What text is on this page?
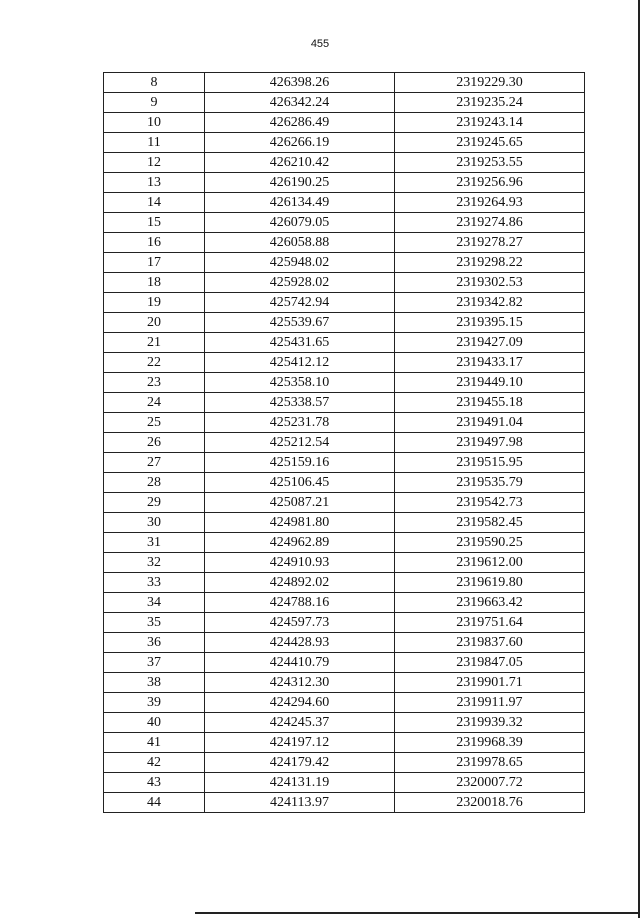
455
8	426398.26	2319229.30
9	426342.24	2319235.24
10	426286.49	2319243.14
11	426266.19	2319245.65
12	426210.42	2319253.55
13	426190.25	2319256.96
14	426134.49	2319264.93
15	426079.05	2319274.86
16	426058.88	2319278.27
17	425948.02	2319298.22
18	425928.02	2319302.53
19	425742.94	2319342.82
20	425539.67	2319395.15
21	425431.65	2319427.09
22	425412.12	2319433.17
23	425358.10	2319449.10
24	425338.57	2319455.18
25	425231.78	2319491.04
26	425212.54	2319497.98
27	425159.16	2319515.95
28	425106.45	2319535.79
29	425087.21	2319542.73
30	424981.80	2319582.45
31	424962.89	2319590.25
32	424910.93	2319612.00
33	424892.02	2319619.80
34	424788.16	2319663.42
35	424597.73	2319751.64
36	424428.93	2319837.60
37	424410.79	2319847.05
38	424312.30	2319901.71
39	424294.60	2319911.97
40	424245.37	2319939.32
41	424197.12	2319968.39
42	424179.42	2319978.65
43	424131.19	2320007.72
44	424113.97	2320018.76
